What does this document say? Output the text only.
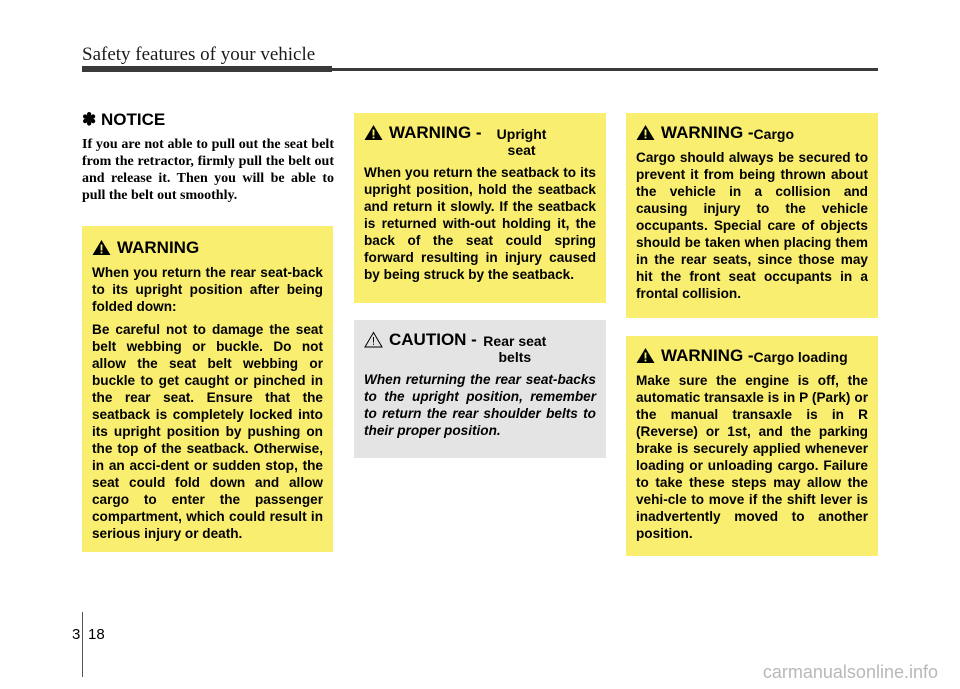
Safety features of your vehicle
✽ NOTICE
If you are not able to pull out the seat belt from the retractor, firmly pull the belt out and release it. Then you will be able to pull the belt out smoothly.
WARNING

When you return the rear seat-back to its upright position after being folded down:

Be careful not to damage the seat belt webbing or buckle. Do not allow the seat belt webbing or buckle to get caught or pinched in the rear seat. Ensure that the seatback is completely locked into its upright position by pushing on the top of the seatback. Otherwise, in an acci-dent or sudden stop, the seat could fold down and allow cargo to enter the passenger compartment, which could result in serious injury or death.

WARNING -	Upright seat

When you return the seatback to its upright position, hold the seatback and return it slowly. If the seatback is returned with-out holding it, the back of the seat could spring forward resulting in injury caused by being struck by the seatback.

CAUTION - Rear seat belts

When returning the rear seat-backs to the upright position, remember to return the rear shoulder belts to their proper position.

WARNING - Cargo

Cargo should always be secured to prevent it from being thrown about the vehicle in a collision and causing injury to the vehicle occupants. Special care of objects should be taken when placing them in the rear seats, since those may hit the front seat occupants in a frontal collision.

WARNING - Cargo loading

Make sure the engine is off, the automatic transaxle is in P (Park) or the manual transaxle is in R (Reverse) or 1st, and the parking brake is securely applied whenever loading or unloading cargo. Failure to take these steps may allow the vehi-cle to move if the shift lever is inadvertently moved to another position.

3 18
carmanualsonline.info
